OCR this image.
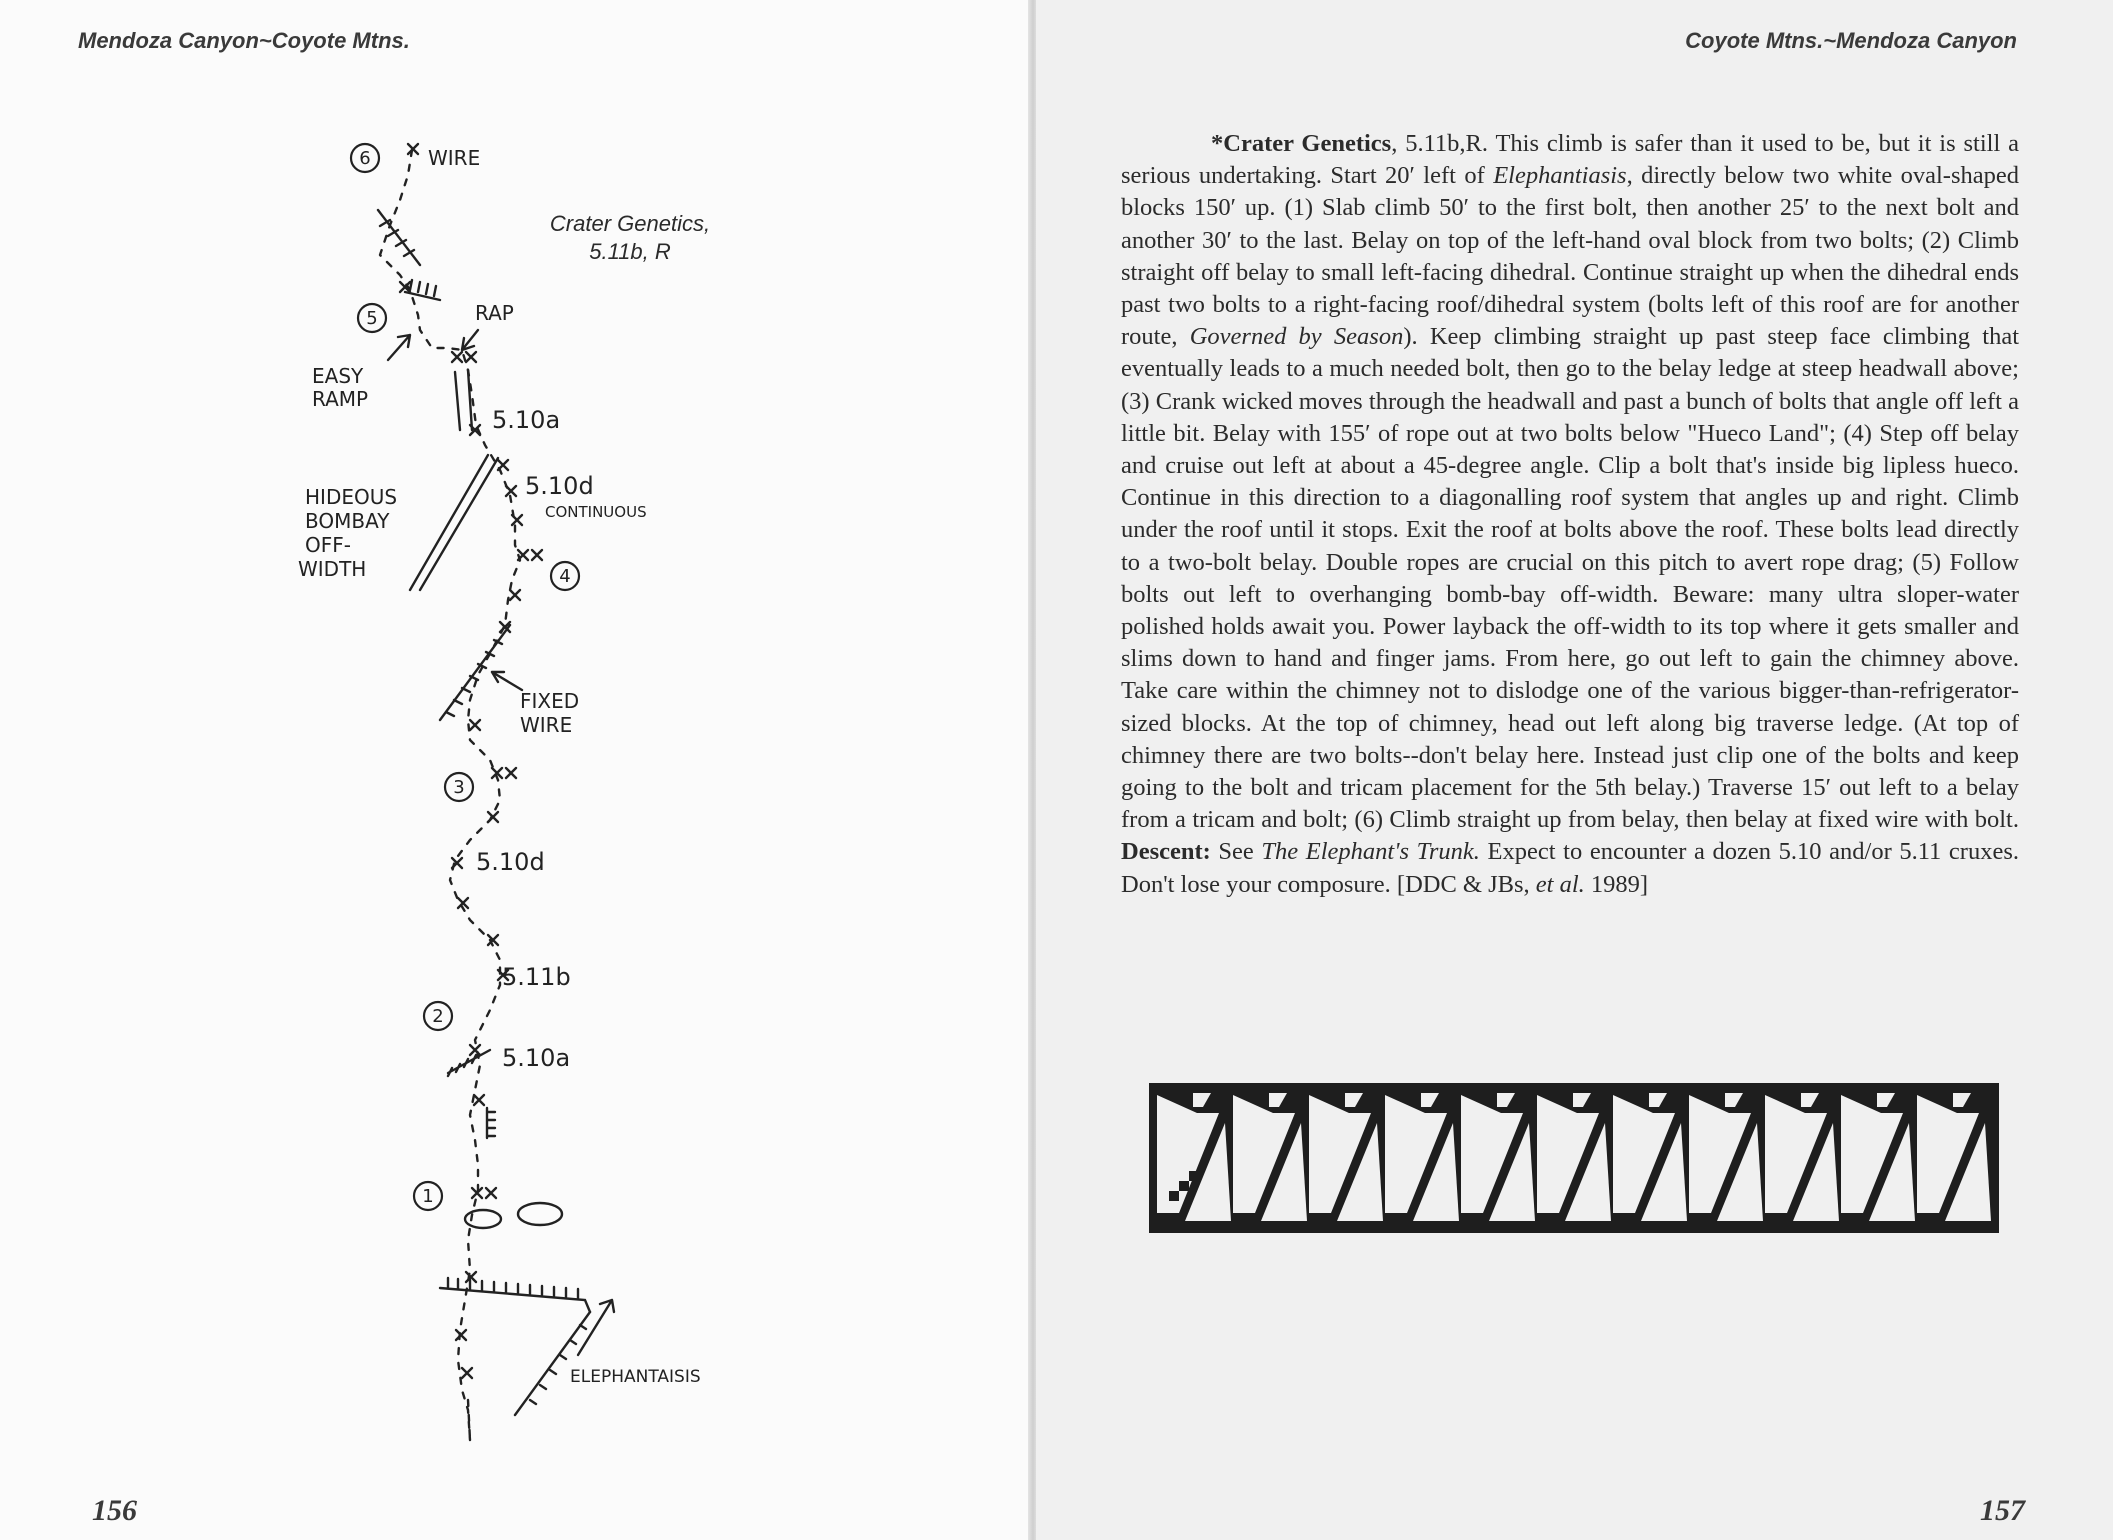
Mendoza Canyon~Coyote Mtns.
6
5
4
3
2
1
WIRE
RAP
EASY
RAMP
5.10a
5.10d
CONTINUOUS
HIDEOUS
BOMBAY
OFF-
WIDTH
FIXED
WIRE
5.10d
5.11b
5.10a
ELEPHANTAISIS
Crater Genetics,
5.11b, R
156
Coyote Mtns.~Mendoza Canyon

*Crater Genetics, 5.11b,R. This climb is safer than it used to be, but it is still a serious undertaking. Start 20′ left of Elephantiasis, directly below two white oval-shaped blocks 150′ up. (1) Slab climb 50′ to the first bolt, then another 25′ to the next bolt and another 30′ to the last. Belay on top of the left-hand oval block from two bolts; (2) Climb straight off belay to small left-facing dihedral. Continue straight up when the dihedral ends past two bolts to a right-facing roof/dihedral system (bolts left of this roof are for another route, Governed by Season). Keep climbing straight up past steep face climbing that eventually leads to a much needed bolt, then go to the belay ledge at steep headwall above; (3) Crank wicked moves through the headwall and past a bunch of bolts that angle off left a little bit. Belay with 155′ of rope out at two bolts below "Hueco Land"; (4) Step off belay and cruise out left at about a 45-degree angle. Clip a bolt that's inside big lipless hueco. Continue in this direction to a diagonalling roof system that angles up and right. Climb under the roof until it stops. Exit the roof at bolts above the roof. These bolts lead directly to a two-bolt belay. Double ropes are crucial on this pitch to avert rope drag; (5) Follow bolts out left to overhanging bomb-bay off-width. Beware: many ultra sloper-water polished holds await you. Power layback the off-width to its top where it gets smaller and slims down to hand and finger jams. From here, go out left to gain the chimney above. Take care within the chimney not to dislodge one of the various bigger-than-refrigerator-sized blocks. At the top of chimney, head out left along big traverse ledge. (At top of chimney there are two bolts--don't belay here. Instead just clip one of the bolts and keep going to the bolt and tricam placement for the 5th belay.) Traverse 15′ out left to a belay from a tricam and bolt; (6) Climb straight up from belay, then belay at fixed wire with bolt. Descent: See The Elephant's Trunk. Expect to encounter a dozen 5.10 and/or 5.11 cruxes. Don't lose your composure. [DDC & JBs, et al. 1989]

157
